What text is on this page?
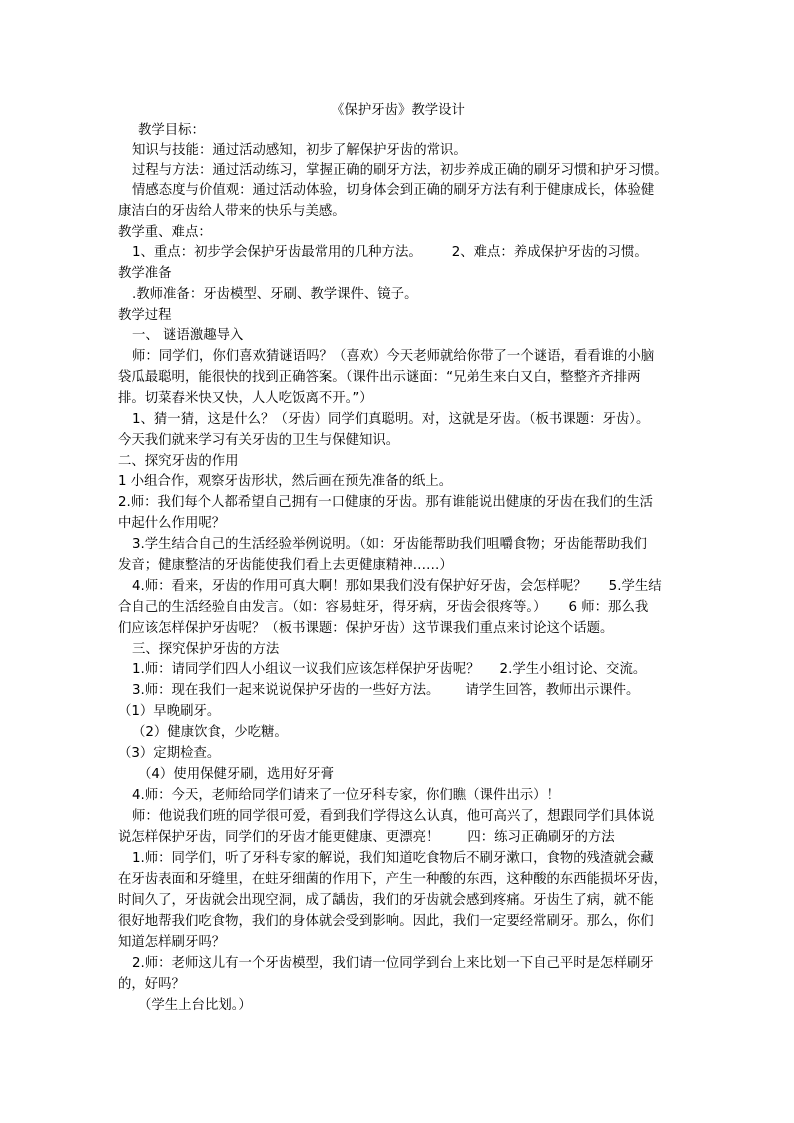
《保护牙齿》教学设计
教学目标：
知识与技能：通过活动感知，初步了解保护牙齿的常识。
过程与方法：通过活动练习，掌握正确的刷牙方法，初步养成正确的刷牙习惯和护牙习惯。
情感态度与价值观：通过活动体验，切身体会到正确的刷牙方法有利于健康成长，体验健
康洁白的牙齿给人带来的快乐与美感。
教学重、难点：
1、重点：初步学会保护牙齿最常用的几种方法。 2、难点：养成保护牙齿的习惯。
教学准备
.教师准备：牙齿模型、牙刷、教学课件、镜子。
教学过程
一、 谜语激趣导入
师：同学们，你们喜欢猜谜语吗？（喜欢）今天老师就给你带了一个谜语，看看谁的小脑
袋瓜最聪明，能很快的找到正确答案。（课件出示谜面：“兄弟生来白又白，整整齐齐排两
排。切菜舂米快又快，人人吃饭离不开。”）
1、猜一猜，这是什么？（牙齿）同学们真聪明。对，这就是牙齿。（板书课题：牙齿）。
今天我们就来学习有关牙齿的卫生与保健知识。
二、探究牙齿的作用
1 小组合作，观察牙齿形状，然后画在预先准备的纸上。
2.师：我们每个人都希望自己拥有一口健康的牙齿。那有谁能说出健康的牙齿在我们的生活
中起什么作用呢？
3.学生结合自己的生活经验举例说明。（如：牙齿能帮助我们咀嚼食物；牙齿能帮助我们
发音；健康整洁的牙齿能使我们看上去更健康精神……）
4.师：看来，牙齿的作用可真大啊！那如果我们没有保护好牙齿，会怎样呢？ 5.学生结
合自己的生活经验自由发言。（如：容易蛀牙，得牙病，牙齿会很疼等。） 6 师：那么我
们应该怎样保护牙齿呢？（板书课题：保护牙齿）这节课我们重点来讨论这个话题。
三、探究保护牙齿的方法
1.师：请同学们四人小组议一议我们应该怎样保护牙齿呢？ 2.学生小组讨论、交流。
3.师：现在我们一起来说说保护牙齿的一些好方法。 请学生回答，教师出示课件。
（1）早晚刷牙。
（2）健康饮食，少吃糖。
（3）定期检查。
（4）使用保健牙刷，选用好牙膏
4.师：今天，老师给同学们请来了一位牙科专家，你们瞧（课件出示）！
师：他说我们班的同学很可爱，看到我们学得这么认真，他可高兴了，想跟同学们具体说
说怎样保护牙齿，同学们的牙齿才能更健康、更漂亮！ 四：练习正确刷牙的方法
1.师：同学们，听了牙科专家的解说，我们知道吃食物后不刷牙漱口，食物的残渣就会藏
在牙齿表面和牙缝里，在蛀牙细菌的作用下，产生一种酸的东西，这种酸的东西能损坏牙齿，
时间久了，牙齿就会出现空洞，成了龋齿，我们的牙齿就会感到疼痛。牙齿生了病，就不能
很好地帮我们吃食物，我们的身体就会受到影响。因此，我们一定要经常刷牙。那么，你们
知道怎样刷牙吗？
2.师：老师这儿有一个牙齿模型，我们请一位同学到台上来比划一下自己平时是怎样刷牙
的，好吗？
（学生上台比划。）
